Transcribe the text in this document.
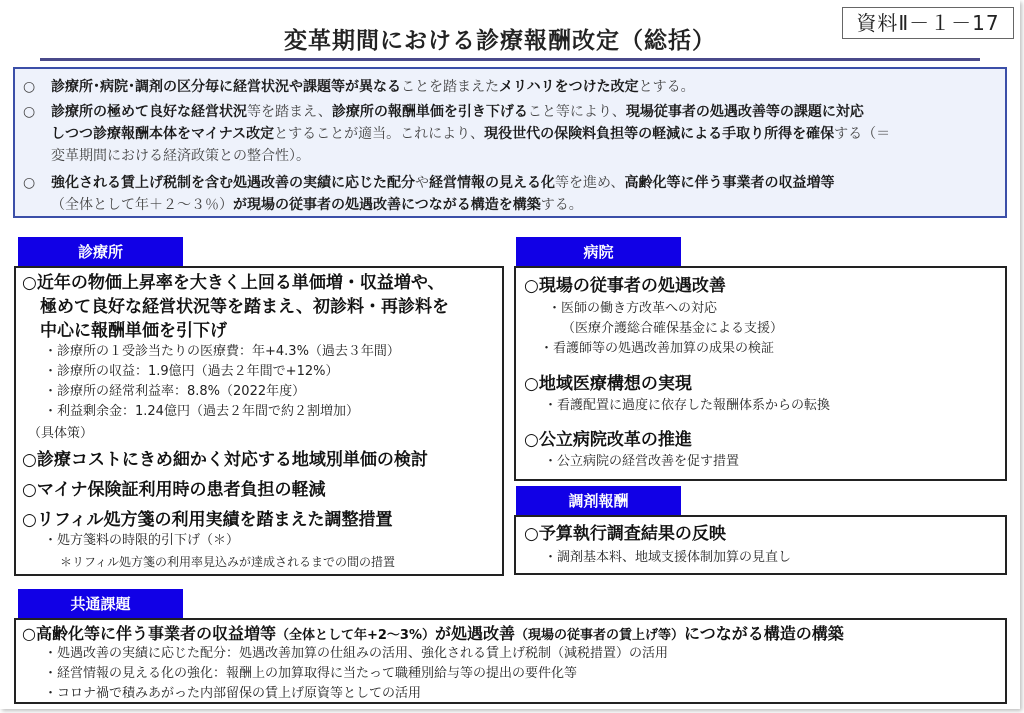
変革期間における診療報酬改定（総括）
資料Ⅱ－１－17
○ 診療所･病院･調剤の区分毎に経営状況や課題等が異なることを踏まえたメリハリをつけた改定とする。
○ 診療所の極めて良好な経営状況等を踏まえ、診療所の報酬単価を引き下げること等により、現場従事者の処遇改善等の課題に対応
しつつ診療報酬本体をマイナス改定とすることが適当。これにより、現役世代の保険料負担等の軽減による手取り所得を確保する（＝
変革期間における経済政策との整合性）。
○ 強化される賃上げ税制を含む処遇改善の実績に応じた配分や経営情報の見える化等を進め、高齢化等に伴う事業者の収益増等
（全体として年＋２～３％）が現場の従事者の処遇改善につながる構造を構築する。
診療所
○近年の物価上昇率を大きく上回る単価増・収益増や、
極めて良好な経営状況等を踏まえ、初診料・再診料を
中心に報酬単価を引下げ
・診療所の１受診当たりの医療費：年+4.3%（過去３年間）
・診療所の収益：1.9億円（過去２年間で+12%）
・診療所の経常利益率：8.8%（2022年度）
・利益剰余金：1.24億円（過去２年間で約２割増加）
（具体策）
○診療コストにきめ細かく対応する地域別単価の検討
○マイナ保険証利用時の患者負担の軽減
○リフィル処方箋の利用実績を踏まえた調整措置
・処方箋料の時限的引下げ（＊）
＊リフィル処方箋の利用率見込みが達成されるまでの間の措置
病院
○現場の従事者の処遇改善
・医師の働き方改革への対応
（医療介護総合確保基金による支援）
・看護師等の処遇改善加算の成果の検証
○地域医療構想の実現
・看護配置に過度に依存した報酬体系からの転換
○公立病院改革の推進
・公立病院の経営改善を促す措置
調剤報酬
○予算執行調査結果の反映
・調剤基本料、地域支援体制加算の見直し
共通課題
○高齢化等に伴う事業者の収益増等（全体として年+2～3%）が処遇改善（現場の従事者の賃上げ等）につながる構造の構築
・処遇改善の実績に応じた配分：処遇改善加算の仕組みの活用、強化される賃上げ税制（減税措置）の活用
・経営情報の見える化の強化：報酬上の加算取得に当たって職種別給与等の提出の要件化等
・コロナ禍で積みあがった内部留保の賃上げ原資等としての活用
